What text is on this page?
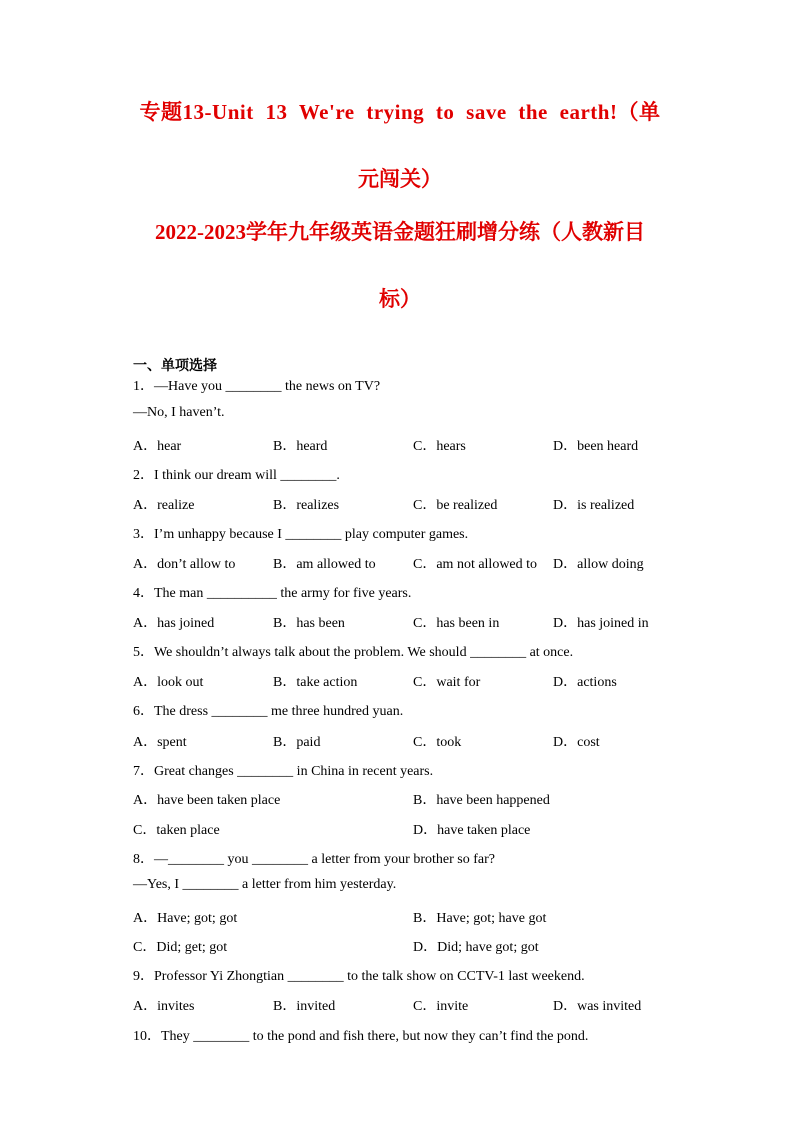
专题13-Unit 13 We're trying to save the earth!（单
元闯关）
2022-2023学年九年级英语金题狂刷增分练（人教新目
标）
一、单项选择
1．—Have you ________ the news on TV?
—No, I haven’t.
A．hear	B．heard	C．hears	D．been heard
2．I think our dream will ________.
A．realize	B．realizes	C．be realized	D．is realized
3．I’m unhappy because I ________ play computer games.
A．don’t allow to	B．am allowed to	C．am not allowed to D．allow doing
4．The man __________ the army for five years.
A．has joined	B．has been	C．has been in	D．has joined in
5．We shouldn’t always talk about the problem. We should ________ at once.
A．look out	B．take action	C．wait for	D．actions
6．The dress ________ me three hundred yuan.
A．spent	B．paid	C．took	D．cost
7．Great changes ________ in China in recent years.
A．have been taken place	B．have been happened
C．taken place	D．have taken place
8．—________ you ________ a letter from your brother so far?
—Yes, I ________ a letter from him yesterday.
A．Have; got; got	B．Have; got; have got
C．Did; get; got	D．Did; have got; got
9．Professor Yi Zhongtian ________ to the talk show on CCTV-1 last weekend.
A．invites	B．invited	C．invite	D．was invited
10．They ________ to the pond and fish there, but now they can’t find the pond.
